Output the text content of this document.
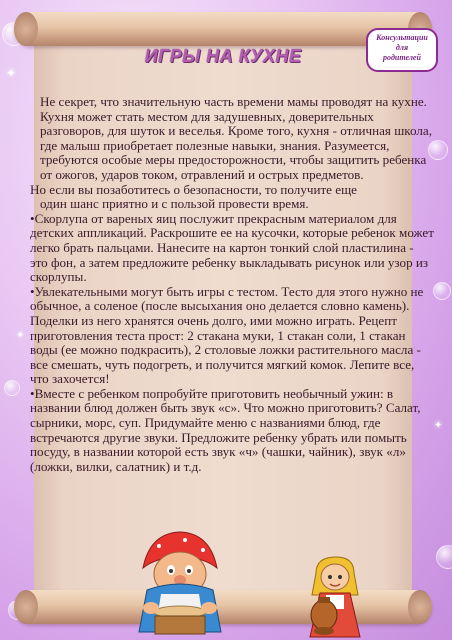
✦
✦
✦
ИГРЫ НА КУХНЕ
Консультации
для
родителей

Не секрет, что значительную часть времени мамы проводят на кухне. Кухня может стать местом для задушевных, доверительных разговоров, для шуток и веселья. Кроме того, кухня - отличная школа, где малыш приобретает полезные навыки, знания. Разумеется, требуются особые меры предосторожности, чтобы защитить ребенка от ожогов, ударов током, отравлений и острых предметов.

Но если вы позаботитесь о безопасности, то получите еще

один шанс приятно и с пользой провести время.

•Скорлупа от вареных яиц послужит прекрасным материалом для детских аппликаций. Раскрошите ее на кусочки, которые ребенок может легко брать пальцами. Нанесите на картон тонкий слой пластилина - это фон, а затем предложите ребенку выкладывать рисунок или узор из скорлупы.

•Увлекательными могут быть игры с тестом. Тесто для этого нужно не обычное, а соленое (после высыхания оно делается словно камень). Поделки из него хранятся очень долго, ими можно играть. Рецепт приготовления теста прост: 2 стакана муки, 1 стакан соли, 1 стакан воды (ее можно подкрасить), 2 столовые ложки растительного масла - все смешать, чуть подогреть, и получится мягкий комок. Лепите все, что захочется!

•Вместе с ребенком попробуйте приготовить необычный ужин: в названии блюд должен быть звук «с». Что можно приготовить? Салат, сырники, морс, суп. Придумайте меню с названиями блюд, где встречаются другие звуки. Предложите ребенку убрать или помыть посуду, в названии которой есть звук «ч» (чашки, чайник), звук «л» (ложки, вилки, салатник) и т.д.
